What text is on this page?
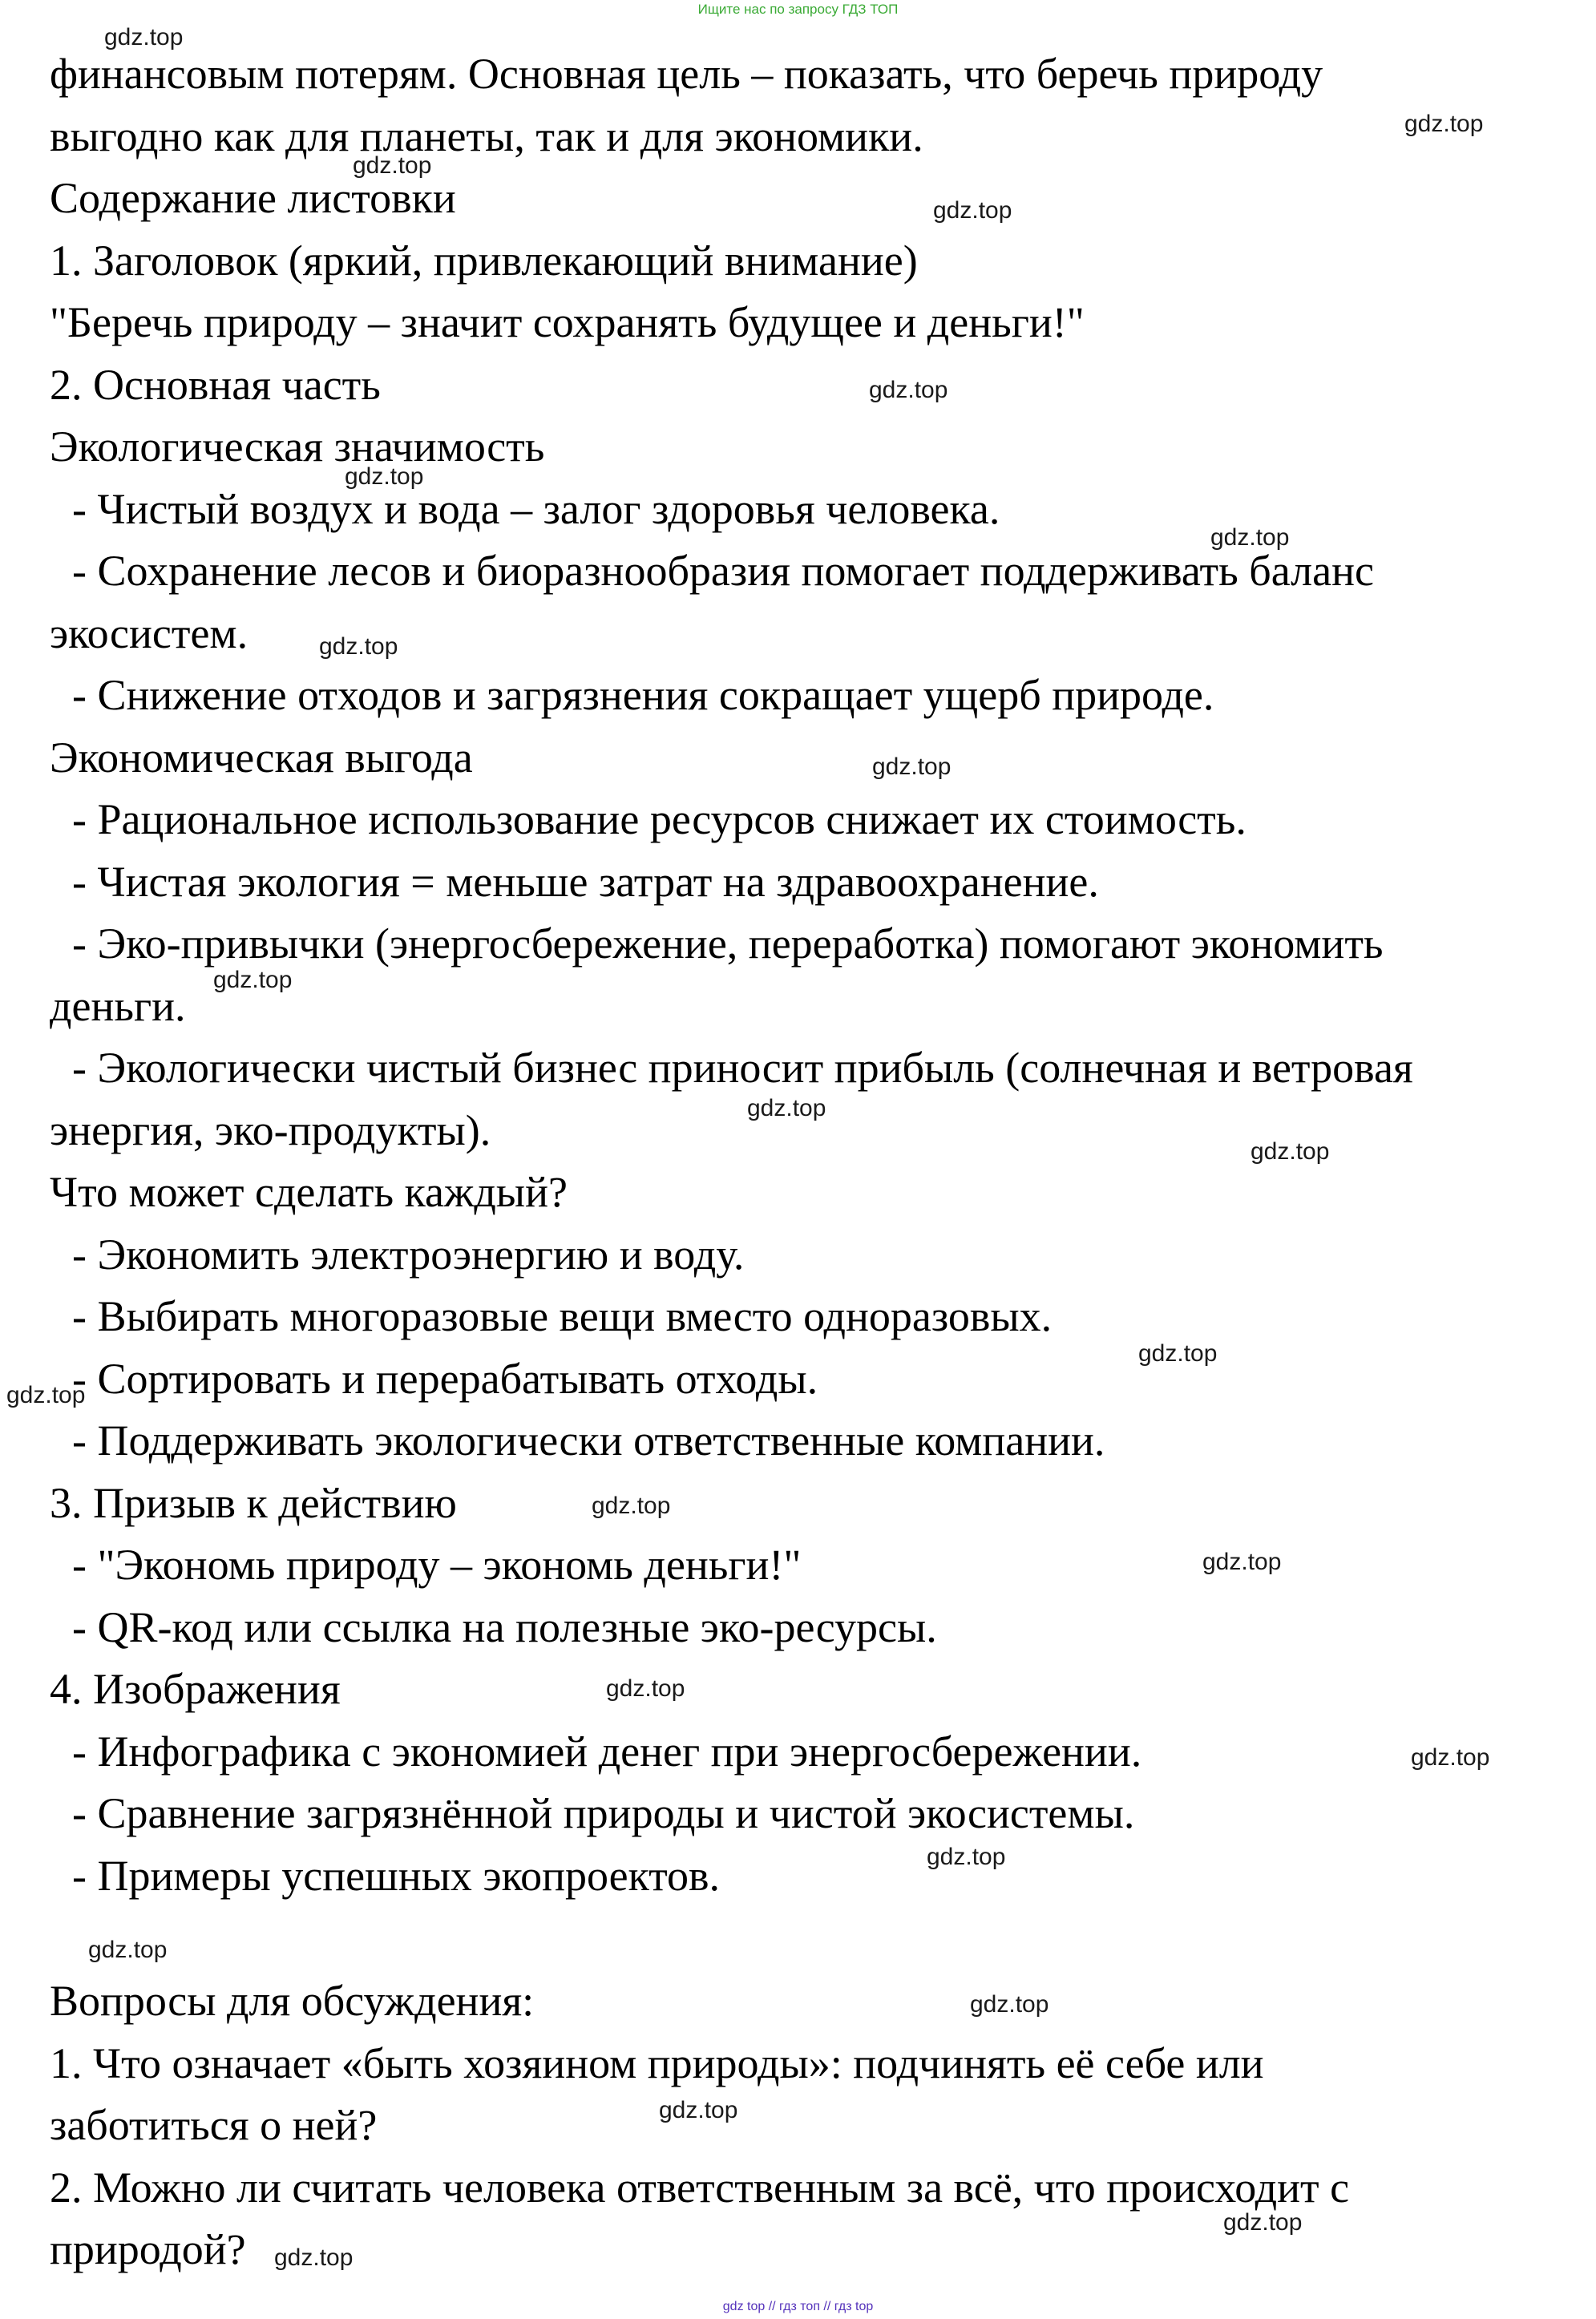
Ищите нас по запросу ГДЗ ТОП
финансовым потерям. Основная цель – показать, что беречь природу
выгодно как для планеты, так и для экономики.
Содержание листовки
1. Заголовок (яркий, привлекающий внимание)
"Беречь природу – значит сохранять будущее и деньги!"
2. Основная часть
Экологическая значимость
- Чистый воздух и вода – залог здоровья человека.
- Сохранение лесов и биоразнообразия помогает поддерживать баланс
экосистем.
- Снижение отходов и загрязнения сокращает ущерб природе.
Экономическая выгода
- Рациональное использование ресурсов снижает их стоимость.
- Чистая экология = меньше затрат на здравоохранение.
- Эко-привычки (энергосбережение, переработка) помогают экономить
деньги.
- Экологически чистый бизнес приносит прибыль (солнечная и ветровая
энергия, эко-продукты).
Что может сделать каждый?
- Экономить электроэнергию и воду.
- Выбирать многоразовые вещи вместо одноразовых.
- Сортировать и перерабатывать отходы.
- Поддерживать экологически ответственные компании.
3. Призыв к действию
- "Экономь природу – экономь деньги!"
- QR-код или ссылка на полезные эко-ресурсы.
4. Изображения
- Инфографика с экономией денег при энергосбережении.
- Сравнение загрязнённой природы и чистой экосистемы.
- Примеры успешных экопроектов.
Вопросы для обсуждения:
1. Что означает «быть хозяином природы»: подчинять её себе или
заботиться о ней?
2. Можно ли считать человека ответственным за всё, что происходит с
природой?
gdz.top
gdz.top
gdz.top
gdz.top
gdz.top
gdz.top
gdz.top
gdz.top
gdz.top
gdz.top
gdz.top
gdz.top
gdz.top
gdz.top
gdz.top
gdz.top
gdz.top
gdz.top
gdz.top
gdz.top
gdz.top
gdz.top
gdz.top
gdz.top
gdz top // гдз топ // гдз top
